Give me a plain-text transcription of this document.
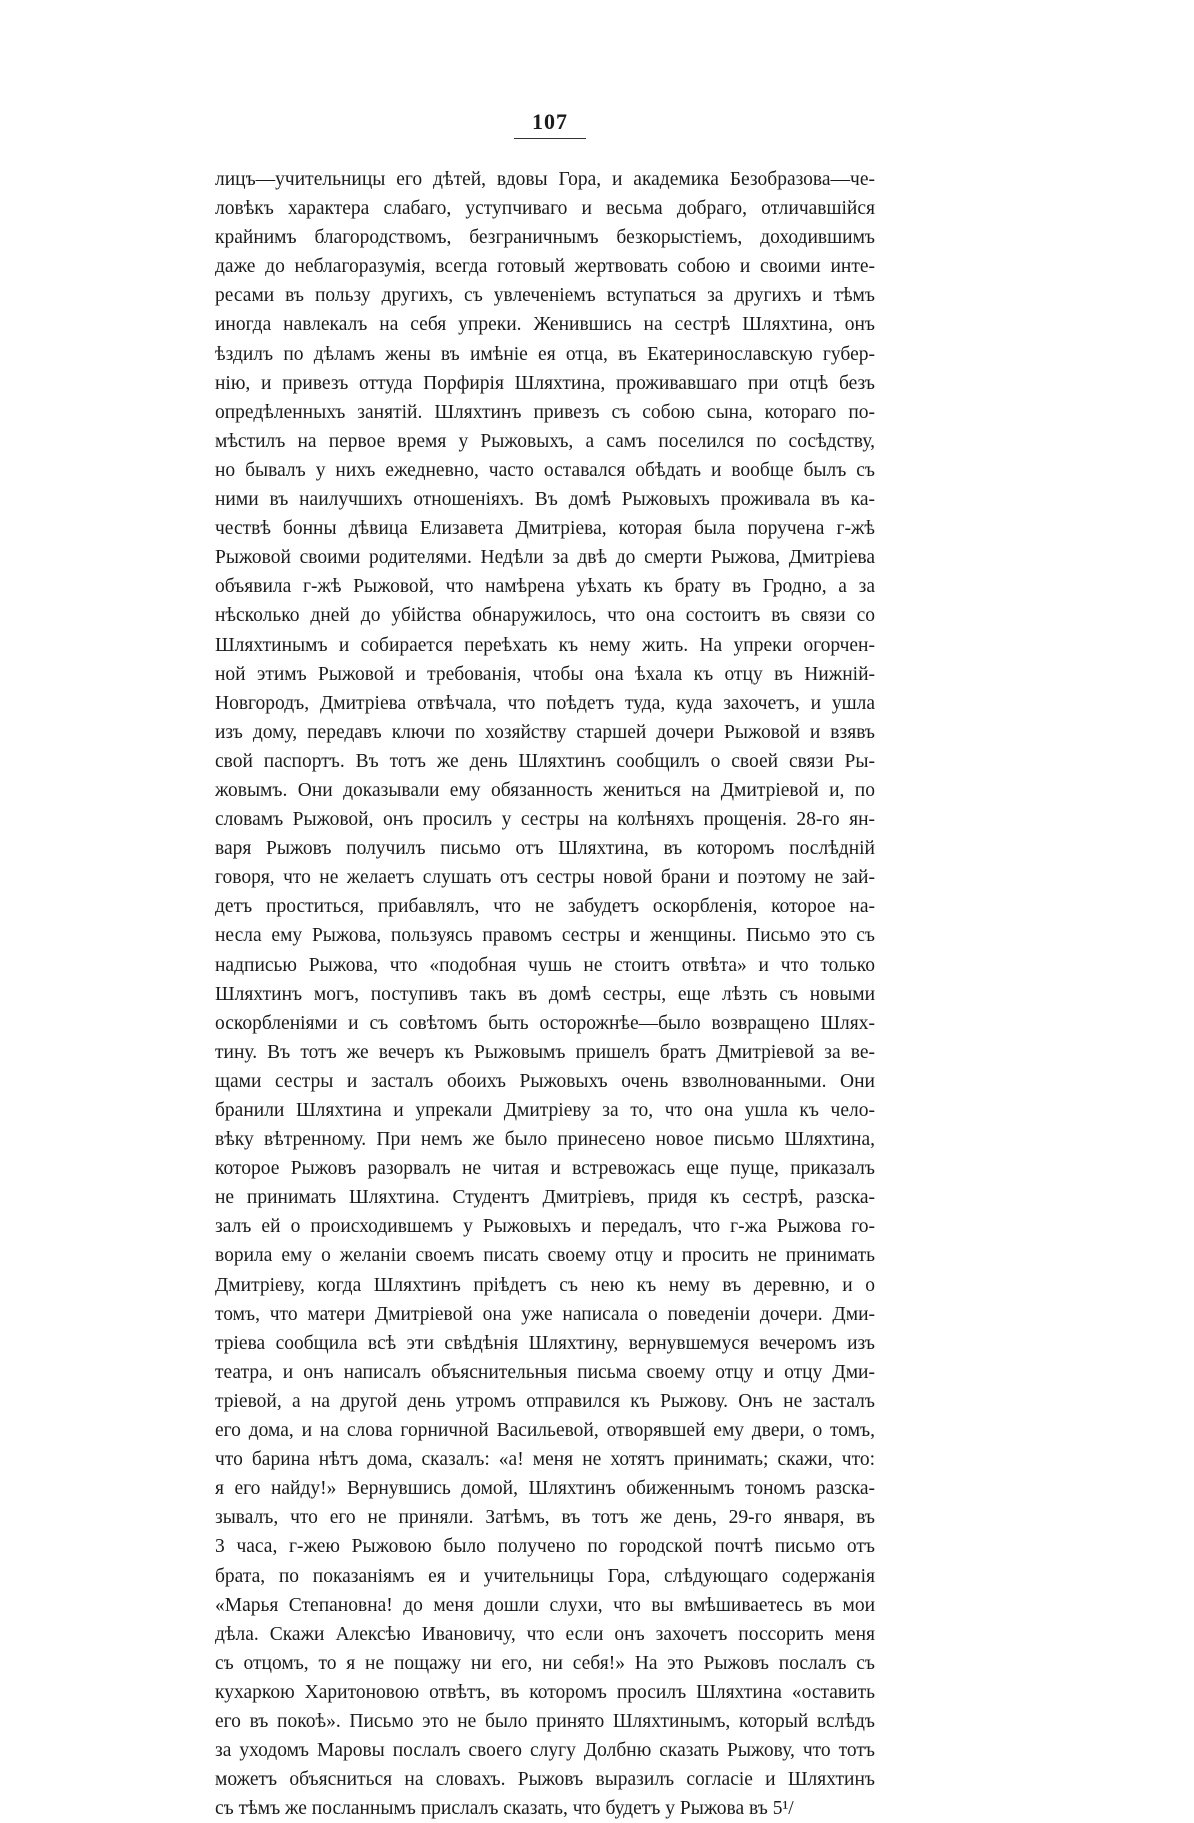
107
лицъ—учительницы его дѣтей, вдовы Гора, и академика Безобразова—че-
ловѣкъ характера слабаго, уступчиваго и весьма добраго, отличавшійся
крайнимъ благородствомъ, безграничнымъ безкорыстіемъ, доходившимъ
даже до неблагоразумія, всегда готовый жертвовать собою и своими инте-
ресами въ пользу другихъ, съ увлеченіемъ вступаться за другихъ и тѣмъ
иногда навлекалъ на себя упреки. Женившись на сестрѣ Шляхтина, онъ
ѣздилъ по дѣламъ жены въ имѣніе ея отца, въ Екатеринославскую губер-
нію, и привезъ оттуда Порфирія Шляхтина, проживавшаго при отцѣ безъ
опредѣленныхъ занятій. Шляхтинъ привезъ съ собою сына, котораго по-
мѣстилъ на первое время у Рыжовыхъ, а самъ поселился по сосѣдству,
но бывалъ у нихъ ежедневно, часто оставался обѣдать и вообще былъ съ
ними въ наилучшихъ отношеніяхъ. Въ домѣ Рыжовыхъ проживала въ ка-
чествѣ бонны дѣвица Елизавета Дмитріева, которая была поручена г-жѣ
Рыжовой своими родителями. Недѣли за двѣ до смерти Рыжова, Дмитріева
объявила г-жѣ Рыжовой, что намѣрена уѣхать къ брату въ Гродно, а за
нѣсколько дней до убійства обнаружилось, что она состоитъ въ связи со
Шляхтинымъ и собирается переѣхать къ нему жить. На упреки огорчен-
ной этимъ Рыжовой и требованія, чтобы она ѣхала къ отцу въ Нижній-
Новгородъ, Дмитріева отвѣчала, что поѣдетъ туда, куда захочетъ, и ушла
изъ дому, передавъ ключи по хозяйству старшей дочери Рыжовой и взявъ
свой паспортъ. Въ тотъ же день Шляхтинъ сообщилъ о своей связи Ры-
жовымъ. Они доказывали ему обязанность жениться на Дмитріевой и, по
словамъ Рыжовой, онъ просилъ у сестры на колѣняхъ прощенія. 28-го ян-
варя Рыжовъ получилъ письмо отъ Шляхтина, въ которомъ послѣдній
говоря, что не желаетъ слушать отъ сестры новой брани и поэтому не зай-
детъ проститься, прибавлялъ, что не забудетъ оскорбленія, которое на-
несла ему Рыжова, пользуясь правомъ сестры и женщины. Письмо это съ
надписью Рыжова, что «подобная чушь не стоитъ отвѣта» и что только
Шляхтинъ могъ, поступивъ такъ въ домѣ сестры, еще лѣзть съ новыми
оскорбленіями и съ совѣтомъ быть осторожнѣе—было возвращено Шлях-
тину. Въ тотъ же вечеръ къ Рыжовымъ пришелъ братъ Дмитріевой за ве-
щами сестры и засталъ обоихъ Рыжовыхъ очень взволнованными. Они
бранили Шляхтина и упрекали Дмитріеву за то, что она ушла къ чело-
вѣку вѣтренному. При немъ же было принесено новое письмо Шляхтина,
которое Рыжовъ разорвалъ не читая и встревожась еще пуще, приказалъ
не принимать Шляхтина. Студентъ Дмитріевъ, придя къ сестрѣ, разска-
залъ ей о происходившемъ у Рыжовыхъ и передалъ, что г-жа Рыжова го-
ворила ему о желаніи своемъ писать своему отцу и просить не принимать
Дмитріеву, когда Шляхтинъ пріѣдетъ съ нею къ нему въ деревню, и о
томъ, что матери Дмитріевой она уже написала о поведеніи дочери. Дми-
тріева сообщила всѣ эти свѣдѣнія Шляхтину, вернувшемуся вечеромъ изъ
театра, и онъ написалъ объяснительныя письма своему отцу и отцу Дми-
тріевой, а на другой день утромъ отправился къ Рыжову. Онъ не засталъ
его дома, и на слова горничной Васильевой, отворявшей ему двери, о томъ,
что барина нѣтъ дома, сказалъ: «а! меня не хотятъ принимать; скажи, что:
я его найду!» Вернувшись домой, Шляхтинъ обиженнымъ тономъ разска-
зывалъ, что его не приняли. Затѣмъ, въ тотъ же день, 29-го января, въ
3 часа, г-жею Рыжовою было получено по городской почтѣ письмо отъ
брата, по показаніямъ ея и учительницы Гора, слѣдующаго содержанія
«Марья Степановна! до меня дошли слухи, что вы вмѣшиваетесь въ мои
дѣла. Скажи Алексѣю Ивановичу, что если онъ захочетъ поссорить меня
съ отцомъ, то я не пощажу ни его, ни себя!» На это Рыжовъ послалъ съ
кухаркою Харитоновою отвѣтъ, въ которомъ просилъ Шляхтина «оставить
его въ покоѣ». Письмо это не было принято Шляхтинымъ, который вслѣдъ
за уходомъ Маровы послалъ своего слугу Долбню сказать Рыжову, что тотъ
можетъ объясниться на словахъ. Рыжовъ выразилъ согласіе и Шляхтинъ
съ тѣмъ же посланнымъ прислалъ сказать, что будетъ у Рыжова въ 5¹/
